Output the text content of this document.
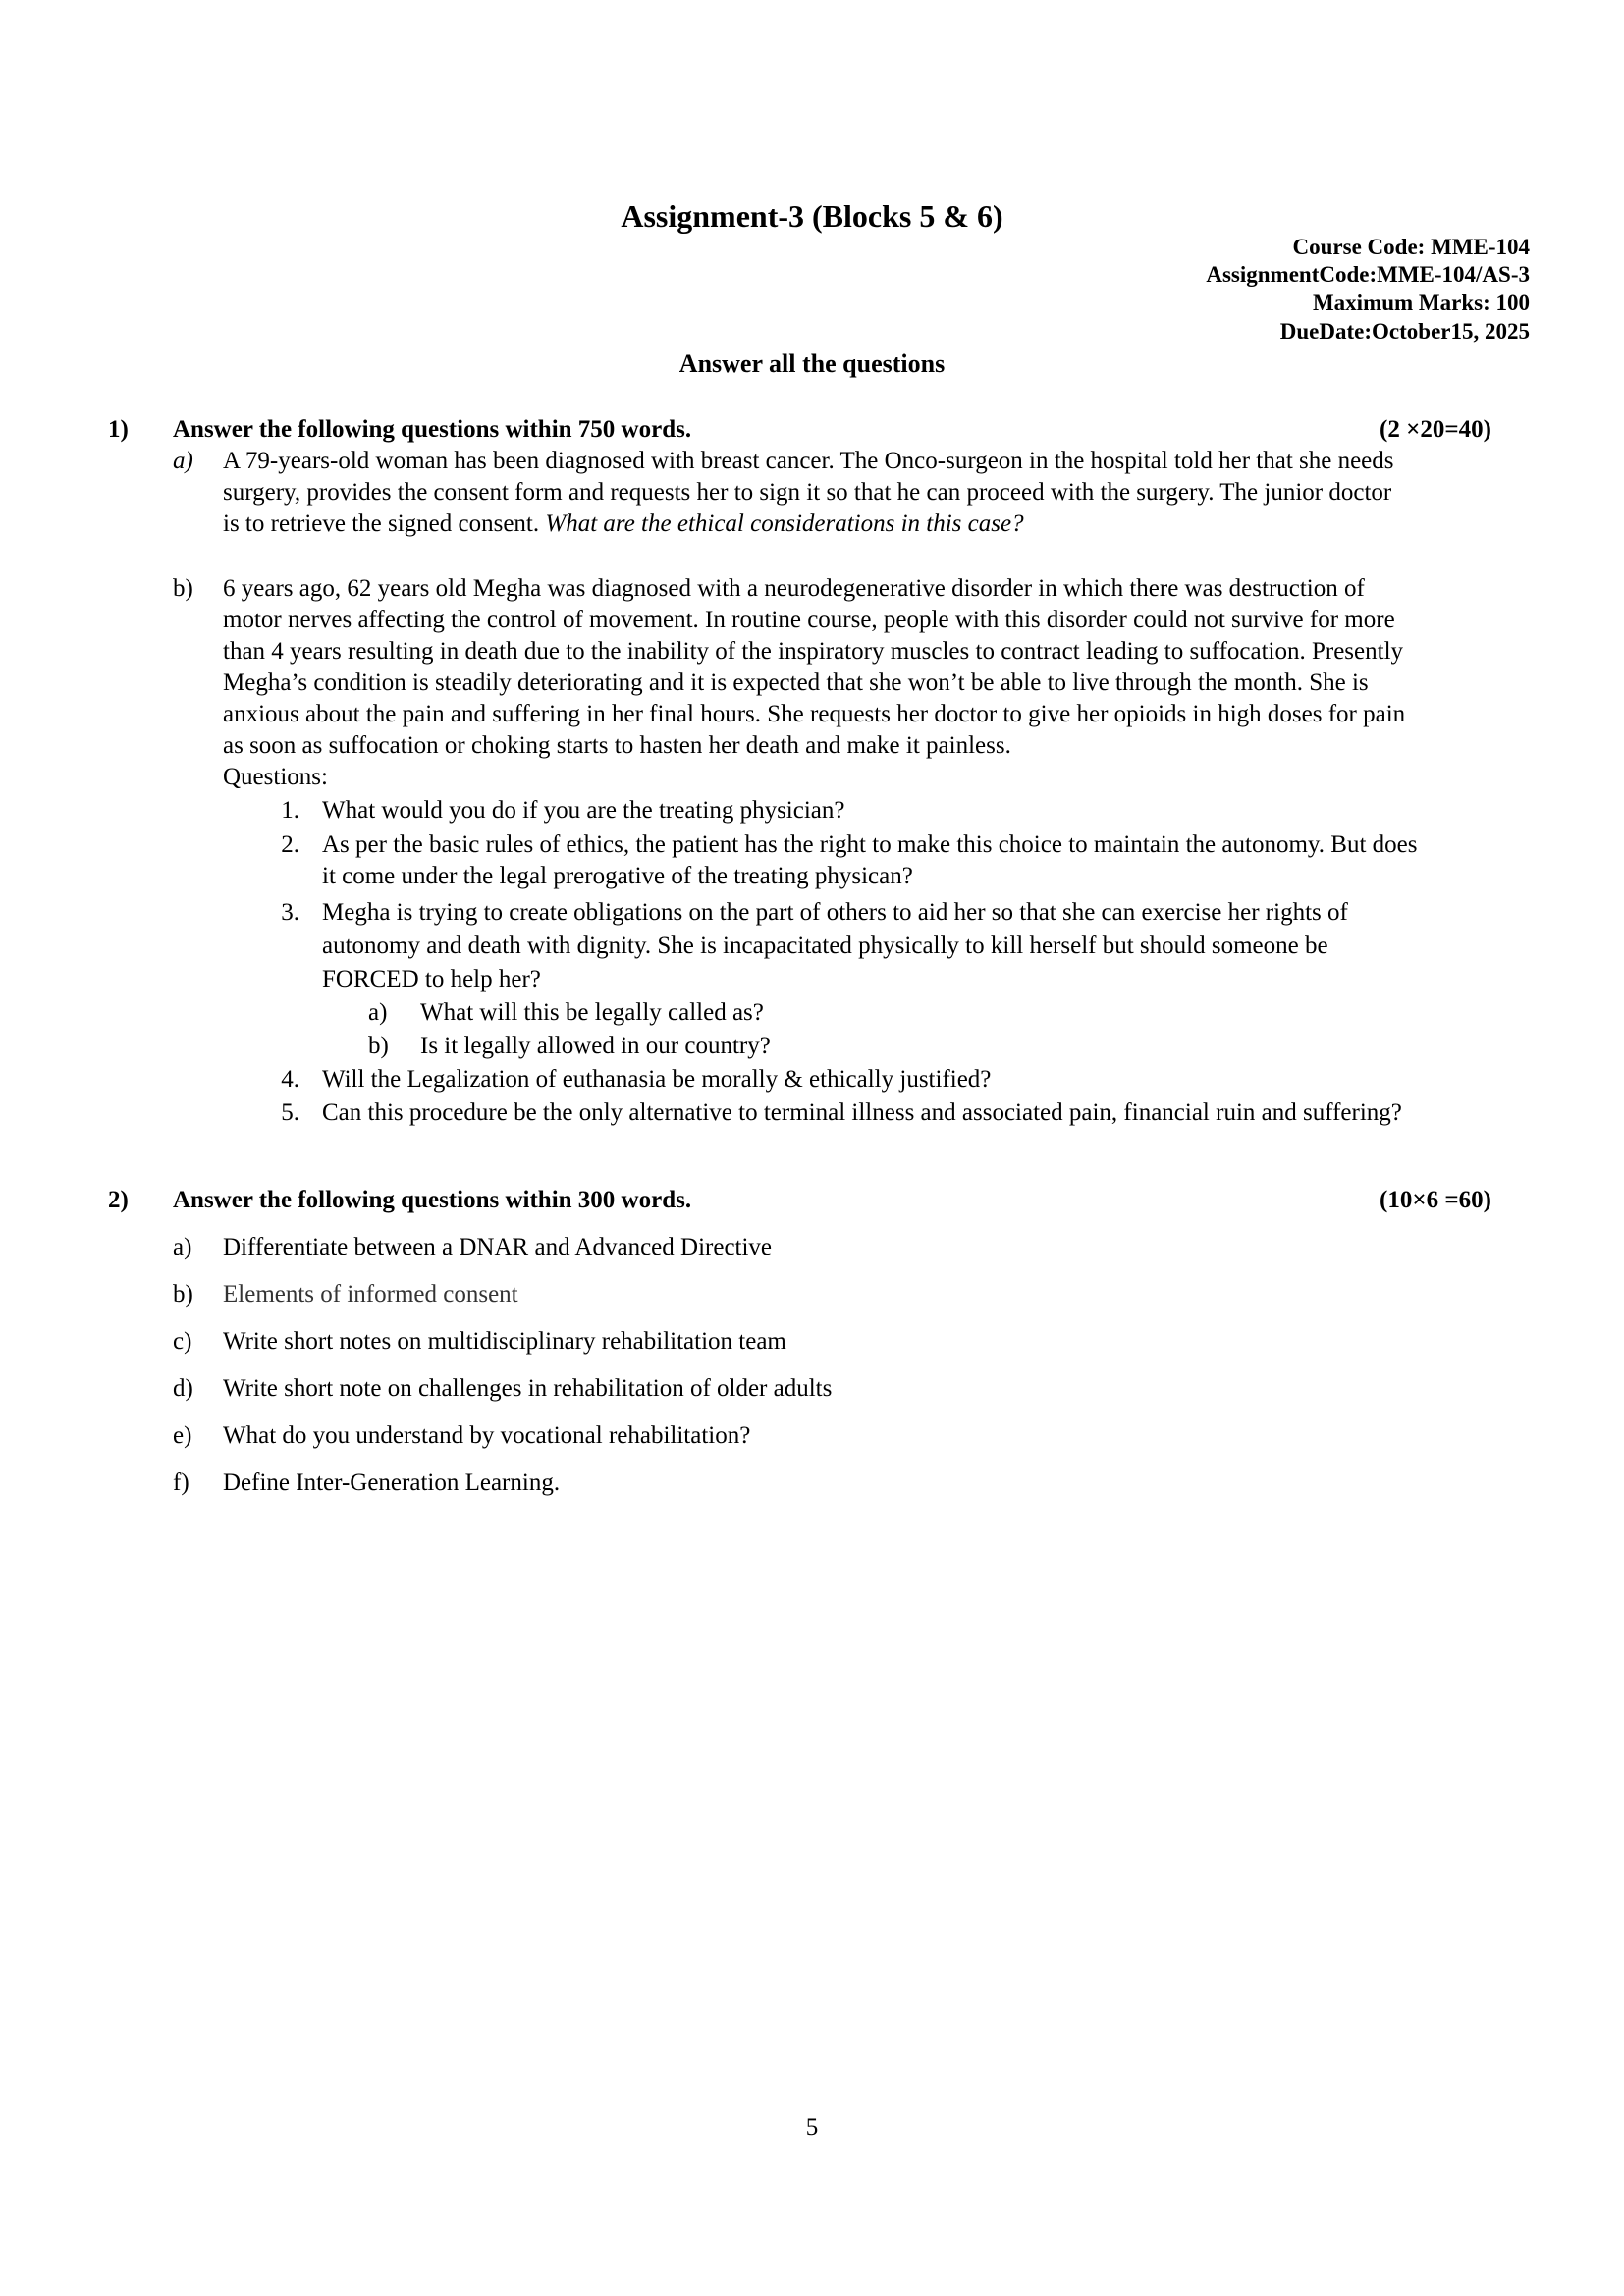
Assignment-3 (Blocks 5 & 6)
Course Code: MME-104
AssignmentCode:MME-104/AS-3
Maximum Marks: 100
DueDate:October15, 2025
Answer all the questions
1) Answer the following questions within 750 words.	(2 ×20=40)
a) A 79-years-old woman has been diagnosed with breast cancer. The Onco-surgeon in the hospital told her that she needs
surgery, provides the consent form and requests her to sign it so that he can proceed with the surgery. The junior doctor
is to retrieve the signed consent. What are the ethical considerations in this case?
b) 6 years ago, 62 years old Megha was diagnosed with a neurodegenerative disorder in which there was destruction of
motor nerves affecting the control of movement. In routine course, people with this disorder could not survive for more
than 4 years resulting in death due to the inability of the inspiratory muscles to contract leading to suffocation. Presently
Megha’s condition is steadily deteriorating and it is expected that she won’t be able to live through the month. She is
anxious about the pain and suffering in her final hours. She requests her doctor to give her opioids in high doses for pain
as soon as suffocation or choking starts to hasten her death and make it painless.
Questions:
1. What would you do if you are the treating physician?
2. As per the basic rules of ethics, the patient has the right to make this choice to maintain the autonomy. But does
it come under the legal prerogative of the treating physican?
3. Megha is trying to create obligations on the part of others to aid her so that she can exercise her rights of
autonomy and death with dignity. She is incapacitated physically to kill herself but should someone be
FORCED to help her?
a) What will this be legally called as?
b) Is it legally allowed in our country?
4. Will the Legalization of euthanasia be morally & ethically justified?
5. Can this procedure be the only alternative to terminal illness and associated pain, financial ruin and suffering?
2) Answer the following questions within 300 words.	(10×6 =60)
a) Differentiate between a DNAR and Advanced Directive
b) Elements of informed consent
c) Write short notes on multidisciplinary rehabilitation team
d) Write short note on challenges in rehabilitation of older adults
e) What do you understand by vocational rehabilitation?
f) Define Inter-Generation Learning.
5
